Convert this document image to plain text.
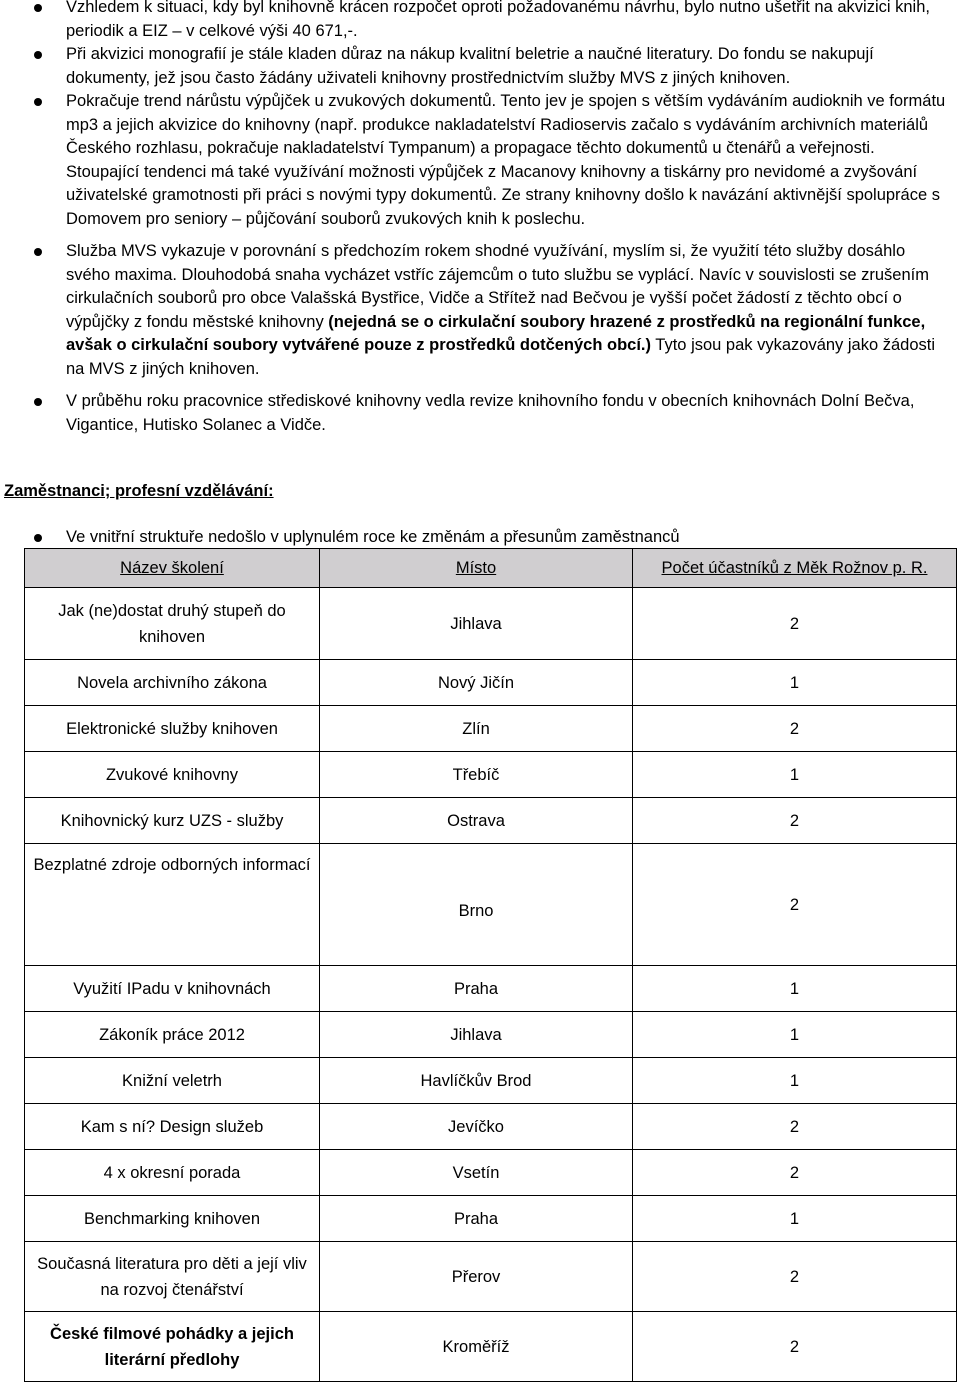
Vzhledem k situaci, kdy byl knihovně krácen rozpočet oproti požadovanému návrhu, bylo nutno ušetřit na akvizici knih, periodik a EIZ – v celkové výši 40 671,-.
Při akvizici monografií je stále kladen důraz na nákup kvalitní beletrie a naučné literatury. Do fondu se nakupují dokumenty, jež jsou často žádány uživateli knihovny prostřednictvím služby MVS z jiných knihoven.
Pokračuje trend nárůstu výpůjček u zvukových dokumentů. Tento jev je spojen s větším vydáváním audioknih ve formátu mp3 a jejich akvizice do knihovny (např. produkce nakladatelství Radioservis začalo s vydáváním archivních materiálů Českého rozhlasu, pokračuje nakladatelství Tympanum) a propagace těchto dokumentů u čtenářů a veřejnosti. Stoupající tendenci má také využívání možnosti výpůjček z Macanovy knihovny a tiskárny pro nevidomé a zvyšování uživatelské gramotnosti při práci s novými typy dokumentů. Ze strany knihovny došlo k navázání aktivnější spolupráce s Domovem pro seniory – půjčování souborů zvukových knih k poslechu.
Služba MVS vykazuje v porovnání s předchozím rokem shodné využívání, myslím si, že využití této služby dosáhlo svého maxima. Dlouhodobá snaha vycházet vstříc zájemcům o tuto službu se vyplácí. Navíc v souvislosti se zrušením cirkulačních souborů pro obce Valašská Bystřice, Vidče a Střítež nad Bečvou je vyšší počet žádostí z těchto obcí o výpůjčky z fondu městské knihovny (nejedná se o cirkulační soubory hrazené z prostředků na regionální funkce, avšak o cirkulační soubory vytvářené pouze z prostředků dotčených obcí.) Tyto jsou pak vykazovány jako žádosti na MVS z jiných knihoven.
V průběhu roku pracovnice střediskové knihovny vedla revize knihovního fondu v obecních knihovnách Dolní Bečva, Vigantice, Hutisko Solanec a Vidče.
Zaměstnanci; profesní vzdělávání:
Ve vnitřní struktuře nedošlo v uplynulém roce ke změnám a přesunům zaměstnanců
Název školení	Místo	Počet účastníků z Měk Rožnov p. R.
Jak (ne)dostat druhý stupeň do knihoven	Jihlava	2
Novela archivního zákona	Nový Jičín	1
Elektronické služby knihoven	Zlín	2
Zvukové knihovny	Třebíč	1
Knihovnický kurz UZS - služby	Ostrava	2
Bezplatné zdroje odborných informací	Brno	2
Využití IPadu v knihovnách	Praha	1
Zákoník práce 2012	Jihlava	1
Knižní veletrh	Havlíčkův Brod	1
Kam s ní? Design služeb	Jevíčko	2
4 x okresní porada	Vsetín	2
Benchmarking knihoven	Praha	1
Současná literatura pro děti a její vliv na rozvoj čtenářství	Přerov	2
České filmové pohádky a jejich literární předlohy	Kroměříž	2
